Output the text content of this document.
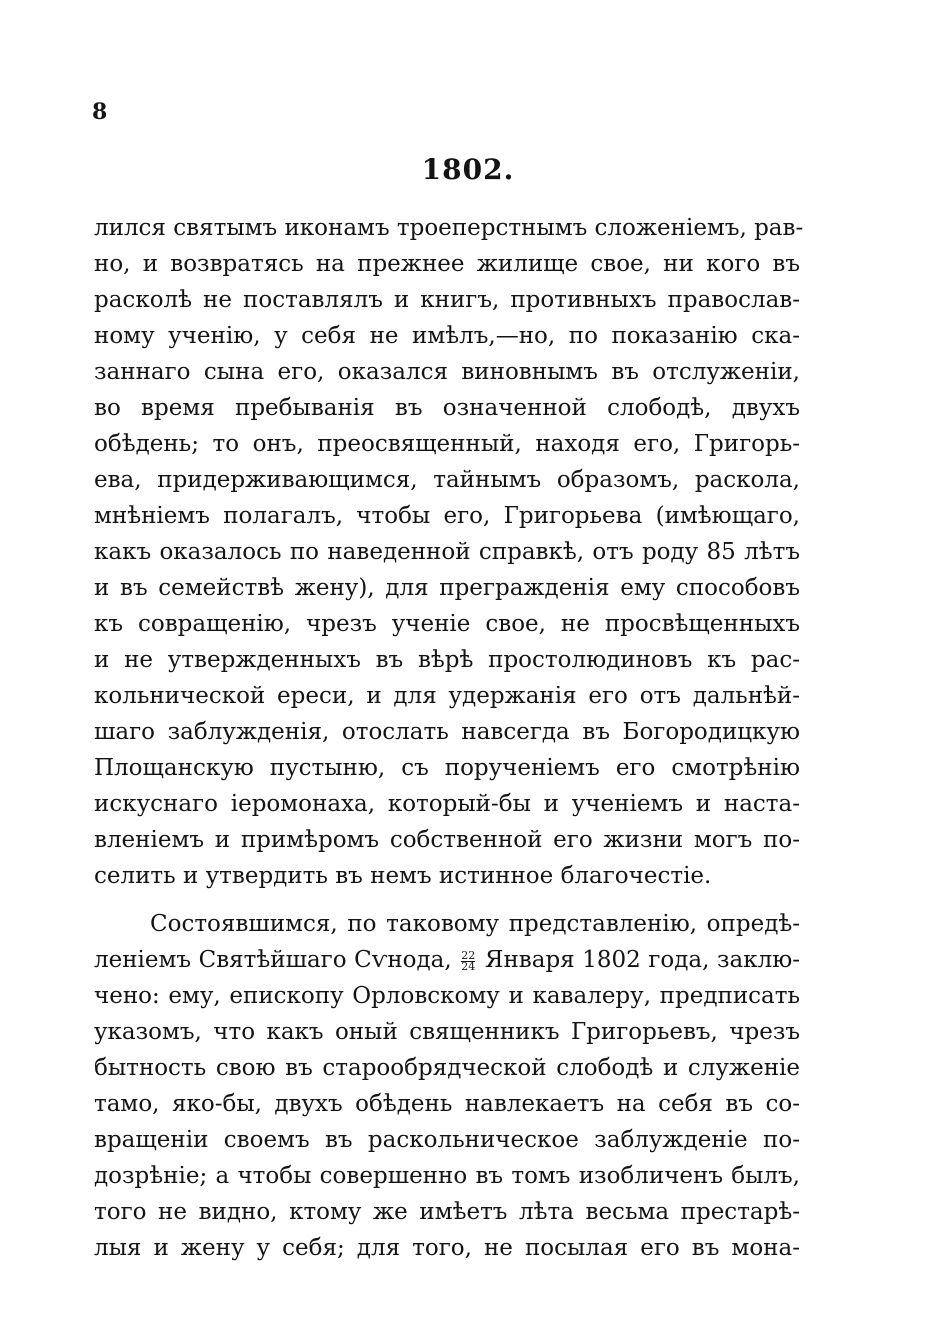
8
1802.
лился святымъ иконамъ троеперстнымъ сложенiемъ, рав-
но, и возвратясь на прежнее жилище свое, ни кого въ
расколѣ не поставлялъ и книгъ, противныхъ православ-
ному ученiю, у себя не имѣлъ,—но, по показанiю ска-
заннаго сына его, оказался виновнымъ въ отслуженiи,
во время пребыванiя въ означенной слободѣ, двухъ
обѣдень; то онъ, преосвященный, находя его, Григорь-
ева, придерживающимся, тайнымъ образомъ, раскола,
мнѣнiемъ полагалъ, чтобы его, Григорьева (имѣющаго,
какъ оказалось по наведенной справкѣ, отъ роду 85 лѣтъ
и въ семействѣ жену), для прегражденiя ему способовъ
къ совращенiю, чрезъ ученiе свое, не просвѣщенныхъ
и не утвержденныхъ въ вѣрѣ простолюдиновъ къ рас-
кольнической ереси, и для удержанiя его отъ дальнѣй-
шаго заблужденiя, отослать навсегда въ Богородицкую
Площанскую пустыню, съ порученiемъ его смотрѣнiю
искуснаго iеромонаха, который-бы и ученiемъ и наста-
вленiемъ и примѣромъ собственной его жизни могъ по-
селить и утвердить въ немъ истинное благочестiе.
Состоявшимся, по таковому представленiю, опредѣ-
ленiемъ Святѣйшаго Сѵнода, $\frac{22}{24}$ Января 1802 года, заклю-
чено: ему, епископу Орловскому и кавалеру, предписать
указомъ, что какъ оный священникъ Григорьевъ, чрезъ
бытность свою въ старообрядческой слободѣ и служенiе
тамо, яко-бы, двухъ обѣдень навлекаетъ на себя въ со-
вращенiи своемъ въ раскольническое заблужденiе по-
дозрѣнiе; а чтобы совершенно въ томъ изобличенъ былъ,
того не видно, ктому же имѣетъ лѣта весьма престарѣ-
лыя и жену у себя; для того, не посылая его въ мона-
